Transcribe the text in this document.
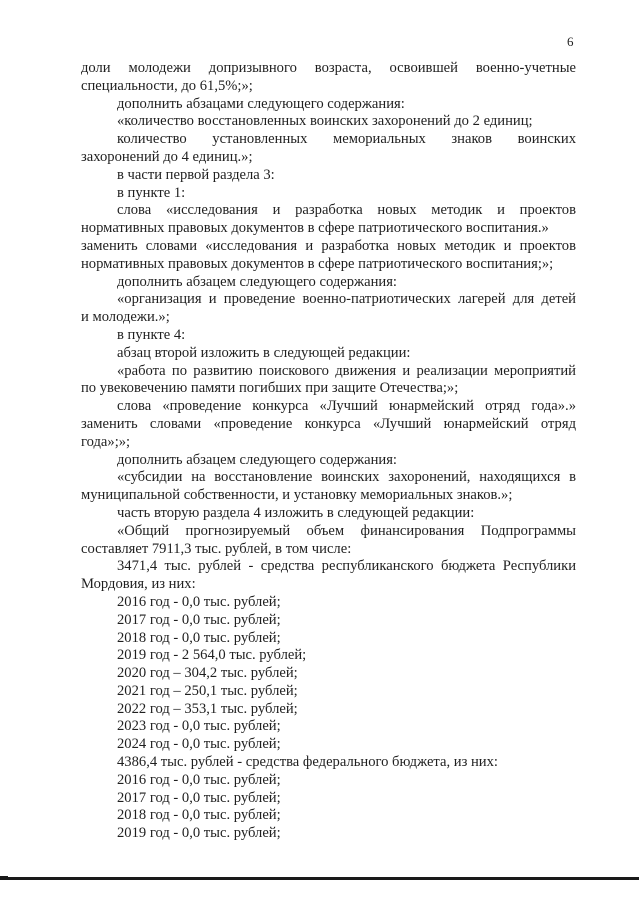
6

доли молодежи допризывного возраста, освоившей военно-учетные

специальности, до 61,5%;»;

дополнить абзацами следующего содержания:

«количество восстановленных воинских захоронений до 2 единиц;

количество установленных мемориальных знаков воинских

захоронений до 4 единиц.»;

в части первой раздела 3:

в пункте 1:

слова «исследования и разработка новых методик и проектов

нормативных правовых документов в сфере патриотического воспитания.»

заменить словами «исследования и разработка новых методик и проектов

нормативных правовых документов в сфере патриотического воспитания;»;

дополнить абзацем следующего содержания:

«организация и проведение военно-патриотических лагерей для детей

и молодежи.»;

в пункте 4:

абзац второй изложить в следующей редакции:

«работа по развитию поискового движения и реализации мероприятий

по увековечению памяти погибших при защите Отечества;»;

слова «проведение конкурса «Лучший юнармейский отряд года».»

заменить словами «проведение конкурса «Лучший юнармейский отряд

года»;»;

дополнить абзацем следующего содержания:

«субсидии на восстановление воинских захоронений, находящихся в

муниципальной собственности, и установку мемориальных знаков.»;

часть вторую раздела 4 изложить в следующей редакции:

«Общий прогнозируемый объем финансирования Подпрограммы

составляет 7911,3 тыс. рублей, в том числе:

3471,4 тыс. рублей - средства республиканского бюджета Республики

Мордовия, из них:

2016 год - 0,0 тыс. рублей;

2017 год - 0,0 тыс. рублей;

2018 год - 0,0 тыс. рублей;

2019 год - 2 564,0 тыс. рублей;

2020 год – 304,2 тыс. рублей;

2021 год – 250,1 тыс. рублей;

2022 год – 353,1 тыс. рублей;

2023 год - 0,0 тыс. рублей;

2024 год - 0,0 тыс. рублей;

4386,4 тыс. рублей - средства федерального бюджета, из них:

2016 год - 0,0 тыс. рублей;

2017 год - 0,0 тыс. рублей;

2018 год - 0,0 тыс. рублей;

2019 год - 0,0 тыс. рублей;
